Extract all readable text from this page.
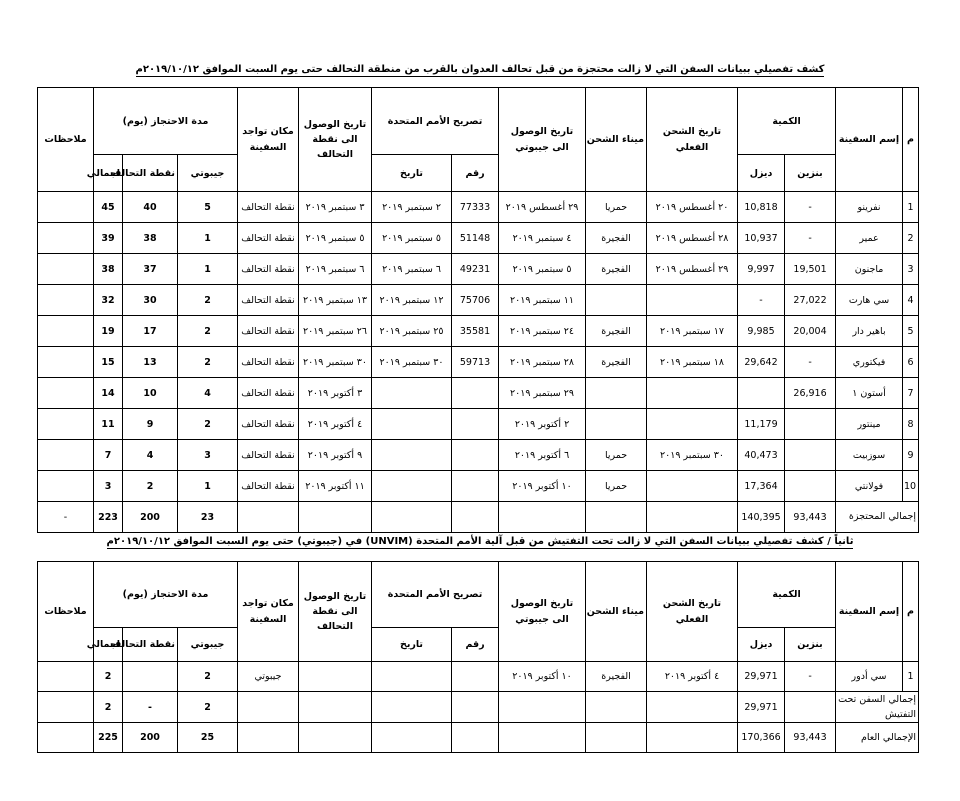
كشف تفصيلي ببيانات السفن التي لا زالت محتجزة من قبل تحالف العدوان بالقرب من منطقة التحالف حتى يوم السبت الموافق ٢٠١٩/١٠/١٢م
م	إسم السفينة	الكمية		تاريخ الشحن الفعلي	ميناء الشحن	تاريخ الوصول الى جيبوتي	تصريح الأمم المتحدة		تاريخ الوصول الى نقطة التحالف	مكان تواجد السفينة	مدة الاحتجاز (يوم)			ملاحظات
		بنزين	ديزل				رقم	تاريخ			جيبوتي	نقطة التحالف	اجمالي	
1	نفرينو	-	10,818	٢٠ أغسطس ٢٠١٩	حمريا	٢٩ أغسطس ٢٠١٩	77333	٢ سبتمبر ٢٠١٩	٣ سبتمبر ٢٠١٩	نقطة التحالف	5	40	45	
2	عمير	-	10,937	٢٨ أغسطس ٢٠١٩	الفجيرة	٤ سبتمبر ٢٠١٩	51148	٥ سبتمبر ٢٠١٩	٥ سبتمبر ٢٠١٩	نقطة التحالف	1	38	39	
3	ماجنون	19,501	9,997	٢٩ أغسطس ٢٠١٩	الفجيرة	٥ سبتمبر ٢٠١٩	49231	٦ سبتمبر ٢٠١٩	٦ سبتمبر ٢٠١٩	نقطة التحالف	1	37	38	
4	سي هارت	27,022	-			١١ سبتمبر ٢٠١٩	75706	١٢ سبتمبر ٢٠١٩	١٣ سبتمبر ٢٠١٩	نقطة التحالف	2	30	32	
5	باهير دار	20,004	9,985	١٧ سبتمبر ٢٠١٩	الفجيرة	٢٤ سبتمبر ٢٠١٩	35581	٢٥ سبتمبر ٢٠١٩	٢٦ سبتمبر ٢٠١٩	نقطة التحالف	2	17	19	
6	فيكتوري	-	29,642	١٨ سبتمبر ٢٠١٩	الفجيرة	٢٨ سبتمبر ٢٠١٩	59713	٣٠ سبتمبر ٢٠١٩	٣٠ سبتمبر ٢٠١٩	نقطة التحالف	2	13	15	
7	أستون ١	26,916				٢٩ سبتمبر ٢٠١٩			٣ أكتوبر ٢٠١٩	نقطة التحالف	4	10	14	
8	مينتور		11,179			٢ أكتوبر ٢٠١٩			٤ أكتوبر ٢٠١٩	نقطة التحالف	2	9	11	
9	سوزبيت		40,473	٣٠ سبتمبر ٢٠١٩	حمريا	٦ أكتوبر ٢٠١٩			٩ أكتوبر ٢٠١٩	نقطة التحالف	3	4	7	
10	فولانتي		17,364		حمريا	١٠ أكتوبر ٢٠١٩			١١ أكتوبر ٢٠١٩	نقطة التحالف	1	2	3	
إجمالي المحتجزة		93,443	140,395								23	200	223	-
ثانياً / كشف تفصيلي ببيانات السفن التي لا زالت تحت التفتيش من قبل آلية الأمم المتحدة (UNVIM) في (جيبوتي) حتى يوم السبت الموافق ٢٠١٩/١٠/١٢م
م	إسم السفينة	الكمية		تاريخ الشحن الفعلي	ميناء الشحن	تاريخ الوصول الى جيبوتي	تصريح الأمم المتحدة		تاريخ الوصول الى نقطة التحالف	مكان تواجد السفينة	مدة الاحتجاز (يوم)			ملاحظات
		بنزين	ديزل				رقم	تاريخ			جيبوتي	نقطة التحالف	اجمالي	
1	سي أدور	-	29,971	٤ أكتوبر ٢٠١٩	الفجيرة	١٠ أكتوبر ٢٠١٩				جيبوتي	2		2	
إجمالي السفن تحت التفتيش			29,971								2	-	2	
الإجمالي العام		93,443	170,366								25	200	225	
